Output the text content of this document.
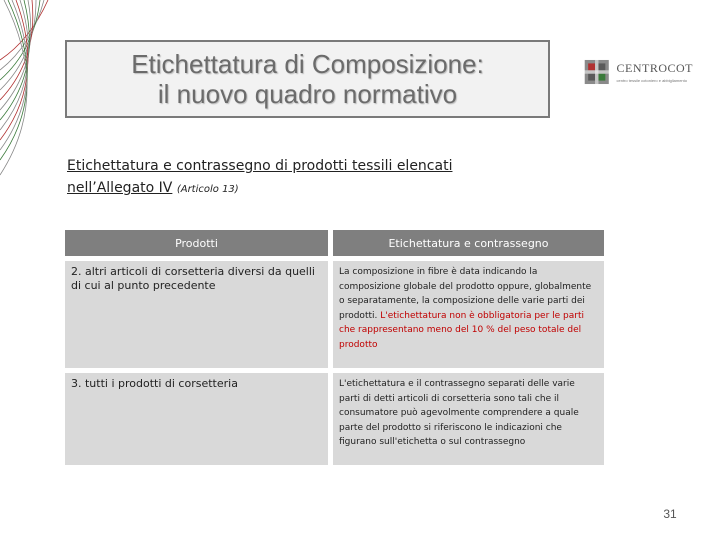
Etichettatura di Composizione:
il nuovo quadro normativo
CENTROCOT
centro tessile cotoniero e abbigliamento
Etichettatura e contrassegno di prodotti tessili elencati
nell’Allegato IV (Articolo 13)
Prodotti		Etichettatura e contrassegno

2. altri articoli di corsetteria diversi da quelli di cui al punto precedente		La composizione in fibre è data indicando la composizione globale del prodotto oppure, globalmente o separatamente, la composizione delle varie parti dei prodotti. L'etichettatura non è obbligatoria per le parti che rappresentano meno del 10 % del peso totale del prodotto

3. tutti i prodotti di corsetteria		L'etichettatura e il contrassegno separati delle varie parti di detti articoli di corsetteria sono tali che il consumatore può agevolmente comprendere a quale parte del prodotto si riferiscono le indicazioni che figurano sull'etichetta o sul contrassegno
31
